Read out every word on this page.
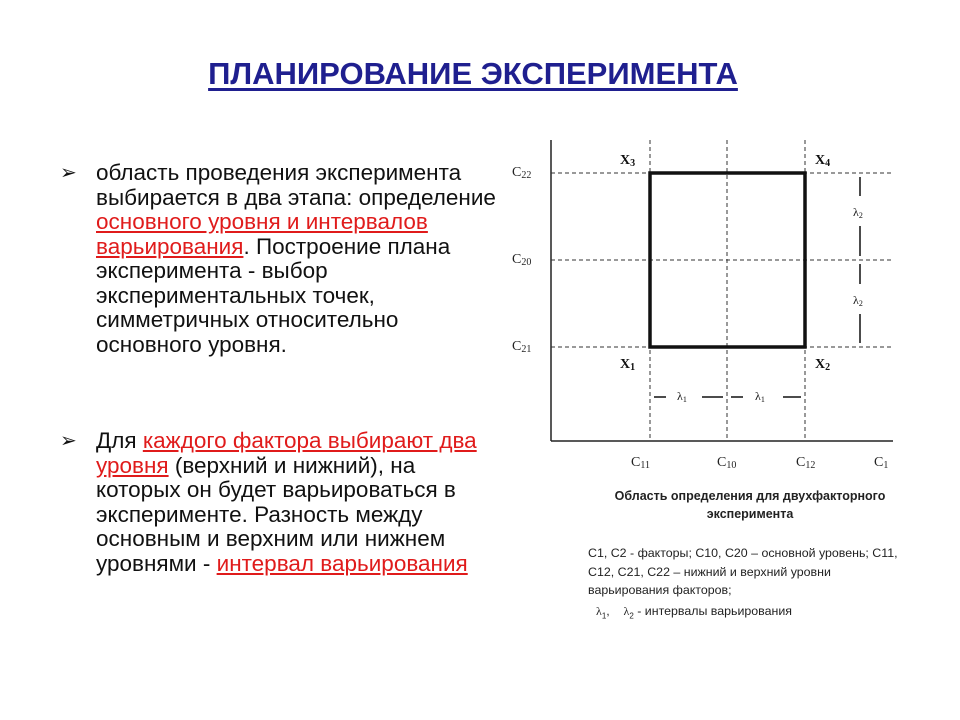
ПЛАНИРОВАНИЕ ЭКСПЕРИМЕНТА
➢ область проведения эксперимента выбирается в два этапа: определение основного уровня и интервалов варьирования. Построение плана эксперимента - выбор экспериментальных точек, симметричных относительно основного уровня.
➢ Для каждого фактора выбирают два уровня (верхний и нижний), на которых он будет варьироваться в эксперименте. Разность между основным и верхним или нижнем уровнями - интервал варьирования
C22
C20
C21
C11	C10	C12	C1
X3	X4
X1	X2
λ2
λ2
λ1	λ1
Область определения для двухфакторного эксперимента
С1, С2 - факторы; С10, С20 – основной уровень; С11, С12, С21, С22 – нижний и верхний уровни варьирования факторов;
$\lambda_1$, $\lambda_2$ - интервалы варьирования
